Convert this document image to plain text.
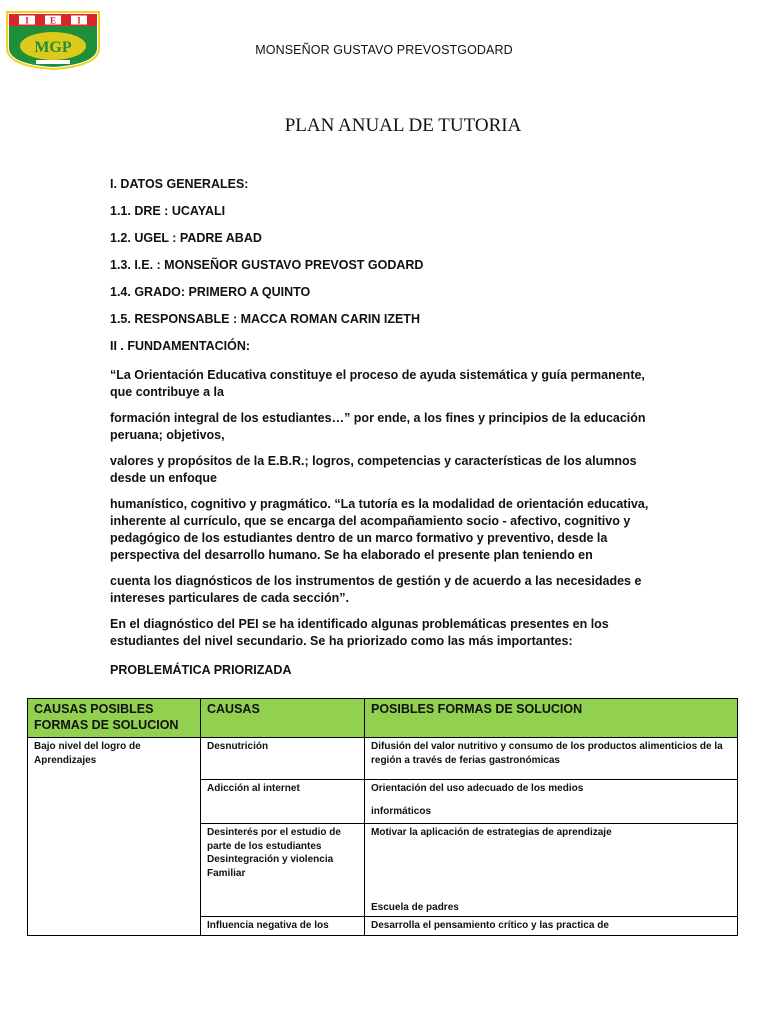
I E I
MGP	MONSEÑOR GUSTAVO PREVOSTGODARD
PLAN ANUAL DE TUTORIA

I. DATOS GENERALES:

1.1. DRE : UCAYALI

1.2. UGEL : PADRE ABAD

1.3. I.E. : MONSEÑOR GUSTAVO PREVOST GODARD

1.4. GRADO: PRIMERO A QUINTO

1.5. RESPONSABLE : MACCA ROMAN CARIN IZETH

II . FUNDAMENTACIÓN:

“La Orientación Educativa constituye el proceso de ayuda sistemática y guía permanente, que contribuye a la

formación integral de los estudiantes…” por ende, a los fines y principios de la educación peruana; objetivos,

valores y propósitos de la E.B.R.; logros, competencias y características de los alumnos desde un enfoque

humanístico, cognitivo y pragmático. “La tutoría es la modalidad de orientación educativa, inherente al currículo, que se encarga del acompañamiento socio - afectivo, cognitivo y pedagógico de los estudiantes dentro de un marco formativo y preventivo, desde la perspectiva del desarrollo humano. Se ha elaborado el presente plan teniendo en

cuenta los diagnósticos de los instrumentos de gestión y de acuerdo a las necesidades e intereses particulares de cada sección”.

En el diagnóstico del PEI se ha identificado algunas problemáticas presentes en los estudiantes del nivel secundario. Se ha priorizado como las más importantes:

PROBLEMÁTICA PRIORIZADA

CAUSAS POSIBLES FORMAS DE SOLUCION	CAUSAS	POSIBLES FORMAS DE SOLUCION
Bajo nivel del logro de Aprendizajes	Desnutrición	Difusión del valor nutritivo y consumo de los productos alimenticios de la región a través de ferias gastronómicas
	Adicción al internet	Orientación del uso adecuado de los medios
informáticos

	Desinterés por el estudio de parte de los estudiantes Desintegración y violencia Familiar	Motivar la aplicación de estrategias de aprendizaje
Escuela de padres

	Influencia negativa de los	Desarrolla el pensamiento crítico y las practica de
